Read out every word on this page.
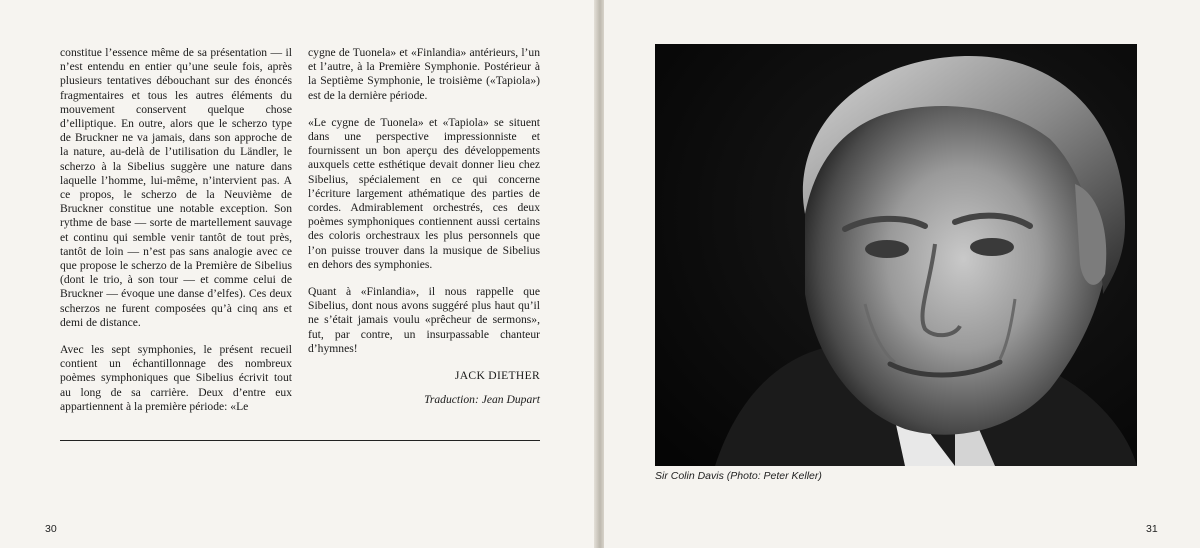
constitue l’essence même de sa présentation — il n’est entendu en entier qu’une seule fois, après plusieurs tentatives débouchant sur des énoncés fragmentaires et tous les autres éléments du mouvement conservent quelque chose d’elliptique. En outre, alors que le scherzo type de Bruckner ne va jamais, dans son approche de la nature, au-delà de l’utilisation du Ländler, le scherzo à la Sibelius suggère une nature dans laquelle l’homme, lui-même, n’intervient pas. A ce propos, le scherzo de la Neuvième de Bruckner constitue une notable exception. Son rythme de base — sorte de martellement sauvage et continu qui semble venir tantôt de tout près, tantôt de loin — n’est pas sans analogie avec ce que propose le scherzo de la Première de Sibelius (dont le trio, à son tour — et comme celui de Bruckner — évoque une danse d’elfes). Ces deux scherzos ne furent composées qu’à cinq ans et demi de distance.

Avec les sept symphonies, le présent recueil contient un échantillonnage des nombreux poèmes symphoniques que Sibelius écrivit tout au long de sa carrière. Deux d’entre eux appartiennent à la première période: «Le

cygne de Tuonela» et «Finlandia» antérieurs, l’un et l’autre, à la Première Symphonie. Postérieur à la Septième Symphonie, le troisième («Tapiola») est de la dernière période.

«Le cygne de Tuonela» et «Tapiola» se situent dans une perspective impressionniste et fournissent un bon aperçu des développements auxquels cette esthétique devait donner lieu chez Sibelius, spécialement en ce qui concerne l’écriture largement athématique des parties de cordes. Admirablement orchestrés, ces deux poèmes symphoniques contiennent aussi certains des coloris orchestraux les plus personnels que l’on puisse trouver dans la musique de Sibelius en dehors des symphonies.

Quant à «Finlandia», il nous rappelle que Sibelius, dont nous avons suggéré plus haut qu’il ne s’était jamais voulu «prêcheur de sermons», fut, par contre, un insurpassable chanteur d’hymnes!

JACK DIETHER
Traduction: Jean Dupart
30
Sir Colin Davis (Photo: Peter Keller)
31
